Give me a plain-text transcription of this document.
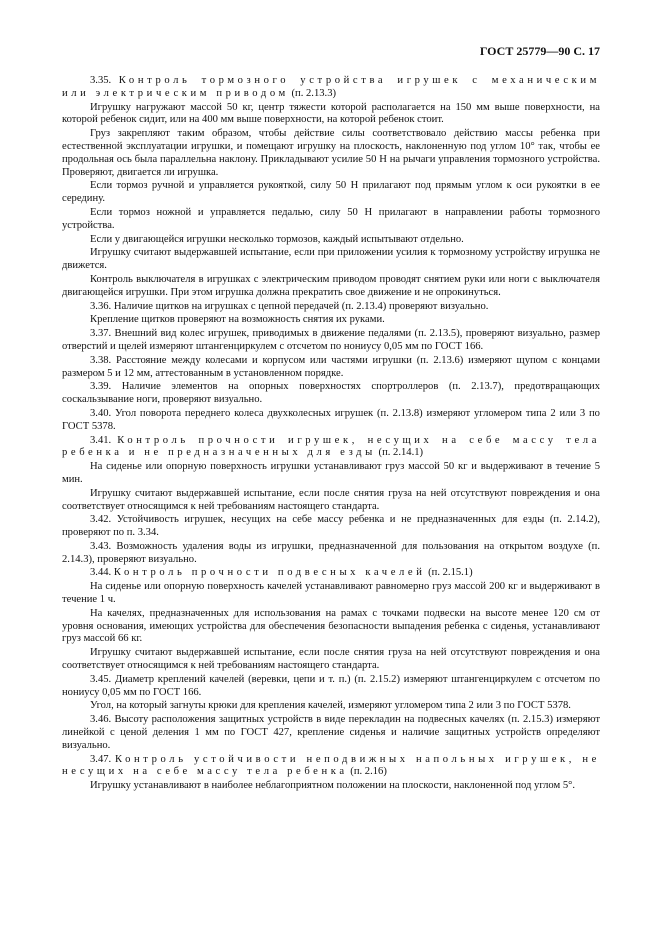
ГОСТ 25779—90 С. 17

3.35. Контроль тормозного устройства игрушек с механическим или электрическим приводом (п. 2.13.3)

Игрушку нагружают массой 50 кг, центр тяжести которой располагается на 150 мм выше поверхности, на которой ребенок сидит, или на 400 мм выше поверхности, на которой ребенок стоит.

Груз закрепляют таким образом, чтобы действие силы соответствовало действию массы ребенка при естественной эксплуатации игрушки, и помещают игрушку на плоскость, наклоненную под углом 10° так, чтобы ее продольная ось была параллельна наклону. Прикладывают усилие 50 Н на рычаги управления тормозного устройства. Проверяют, двигается ли игрушка.

Если тормоз ручной и управляется рукояткой, силу 50 Н прилагают под прямым углом к оси рукоятки в ее середину.

Если тормоз ножной и управляется педалью, силу 50 Н прилагают в направлении работы тормозного устройства.

Если у двигающейся игрушки несколько тормозов, каждый испытывают отдельно.

Игрушку считают выдержавшей испытание, если при приложении усилия к тормозному устройству игрушка не движется.

Контроль выключателя в игрушках с электрическим приводом проводят снятием руки или ноги с выключателя двигающейся игрушки. При этом игрушка должна прекратить свое движение и не опрокинуться.

3.36. Наличие щитков на игрушках с цепной передачей (п. 2.13.4) проверяют визуально.

Крепление щитков проверяют на возможность снятия их руками.

3.37. Внешний вид колес игрушек, приводимых в движение педалями (п. 2.13.5), проверяют визуально, размер отверстий и щелей измеряют штангенциркулем с отсчетом по нониусу 0,05 мм по ГОСТ 166.

3.38. Расстояние между колесами и корпусом или частями игрушки (п. 2.13.6) измеряют щупом с концами размером 5 и 12 мм, аттестованным в установленном порядке.

3.39. Наличие элементов на опорных поверхностях спортроллеров (п. 2.13.7), предотвращающих соскальзывание ноги, проверяют визуально.

3.40. Угол поворота переднего колеса двухколесных игрушек (п. 2.13.8) измеряют угломером типа 2 или 3 по ГОСТ 5378.

3.41. Контроль прочности игрушек, несущих на себе массу тела ребенка и не предназначенных для езды (п. 2.14.1)

На сиденье или опорную поверхность игрушки устанавливают груз массой 50 кг и выдерживают в течение 5 мин.

Игрушку считают выдержавшей испытание, если после снятия груза на ней отсутствуют повреждения и она соответствует относящимся к ней требованиям настоящего стандарта.

3.42. Устойчивость игрушек, несущих на себе массу ребенка и не предназначенных для езды (п. 2.14.2), проверяют по п. 3.34.

3.43. Возможность удаления воды из игрушки, предназначенной для пользования на открытом воздухе (п. 2.14.3), проверяют визуально.

3.44. Контроль прочности подвесных качелей (п. 2.15.1)

На сиденье или опорную поверхность качелей устанавливают равномерно груз массой 200 кг и выдерживают в течение 1 ч.

На качелях, предназначенных для использования на рамах с точками подвески на высоте менее 120 см от уровня основания, имеющих устройства для обеспечения безопасности выпадения ребенка с сиденья, устанавливают груз массой 66 кг.

Игрушку считают выдержавшей испытание, если после снятия груза на ней отсутствуют повреждения и она соответствует относящимся к ней требованиям настоящего стандарта.

3.45. Диаметр креплений качелей (веревки, цепи и т. п.) (п. 2.15.2) измеряют штангенциркулем с отсчетом по нониусу 0,05 мм по ГОСТ 166.

Угол, на который загнуты крюки для крепления качелей, измеряют угломером типа 2 или 3 по ГОСТ 5378.

3.46. Высоту расположения защитных устройств в виде перекладин на подвесных качелях (п. 2.15.3) измеряют линейкой с ценой деления 1 мм по ГОСТ 427, крепление сиденья и наличие защитных устройств определяют визуально.

3.47. Контроль устойчивости неподвижных напольных игрушек, не несущих на себе массу тела ребенка (п. 2.16)

Игрушку устанавливают в наиболее неблагоприятном положении на плоскости, наклоненной под углом 5°.
